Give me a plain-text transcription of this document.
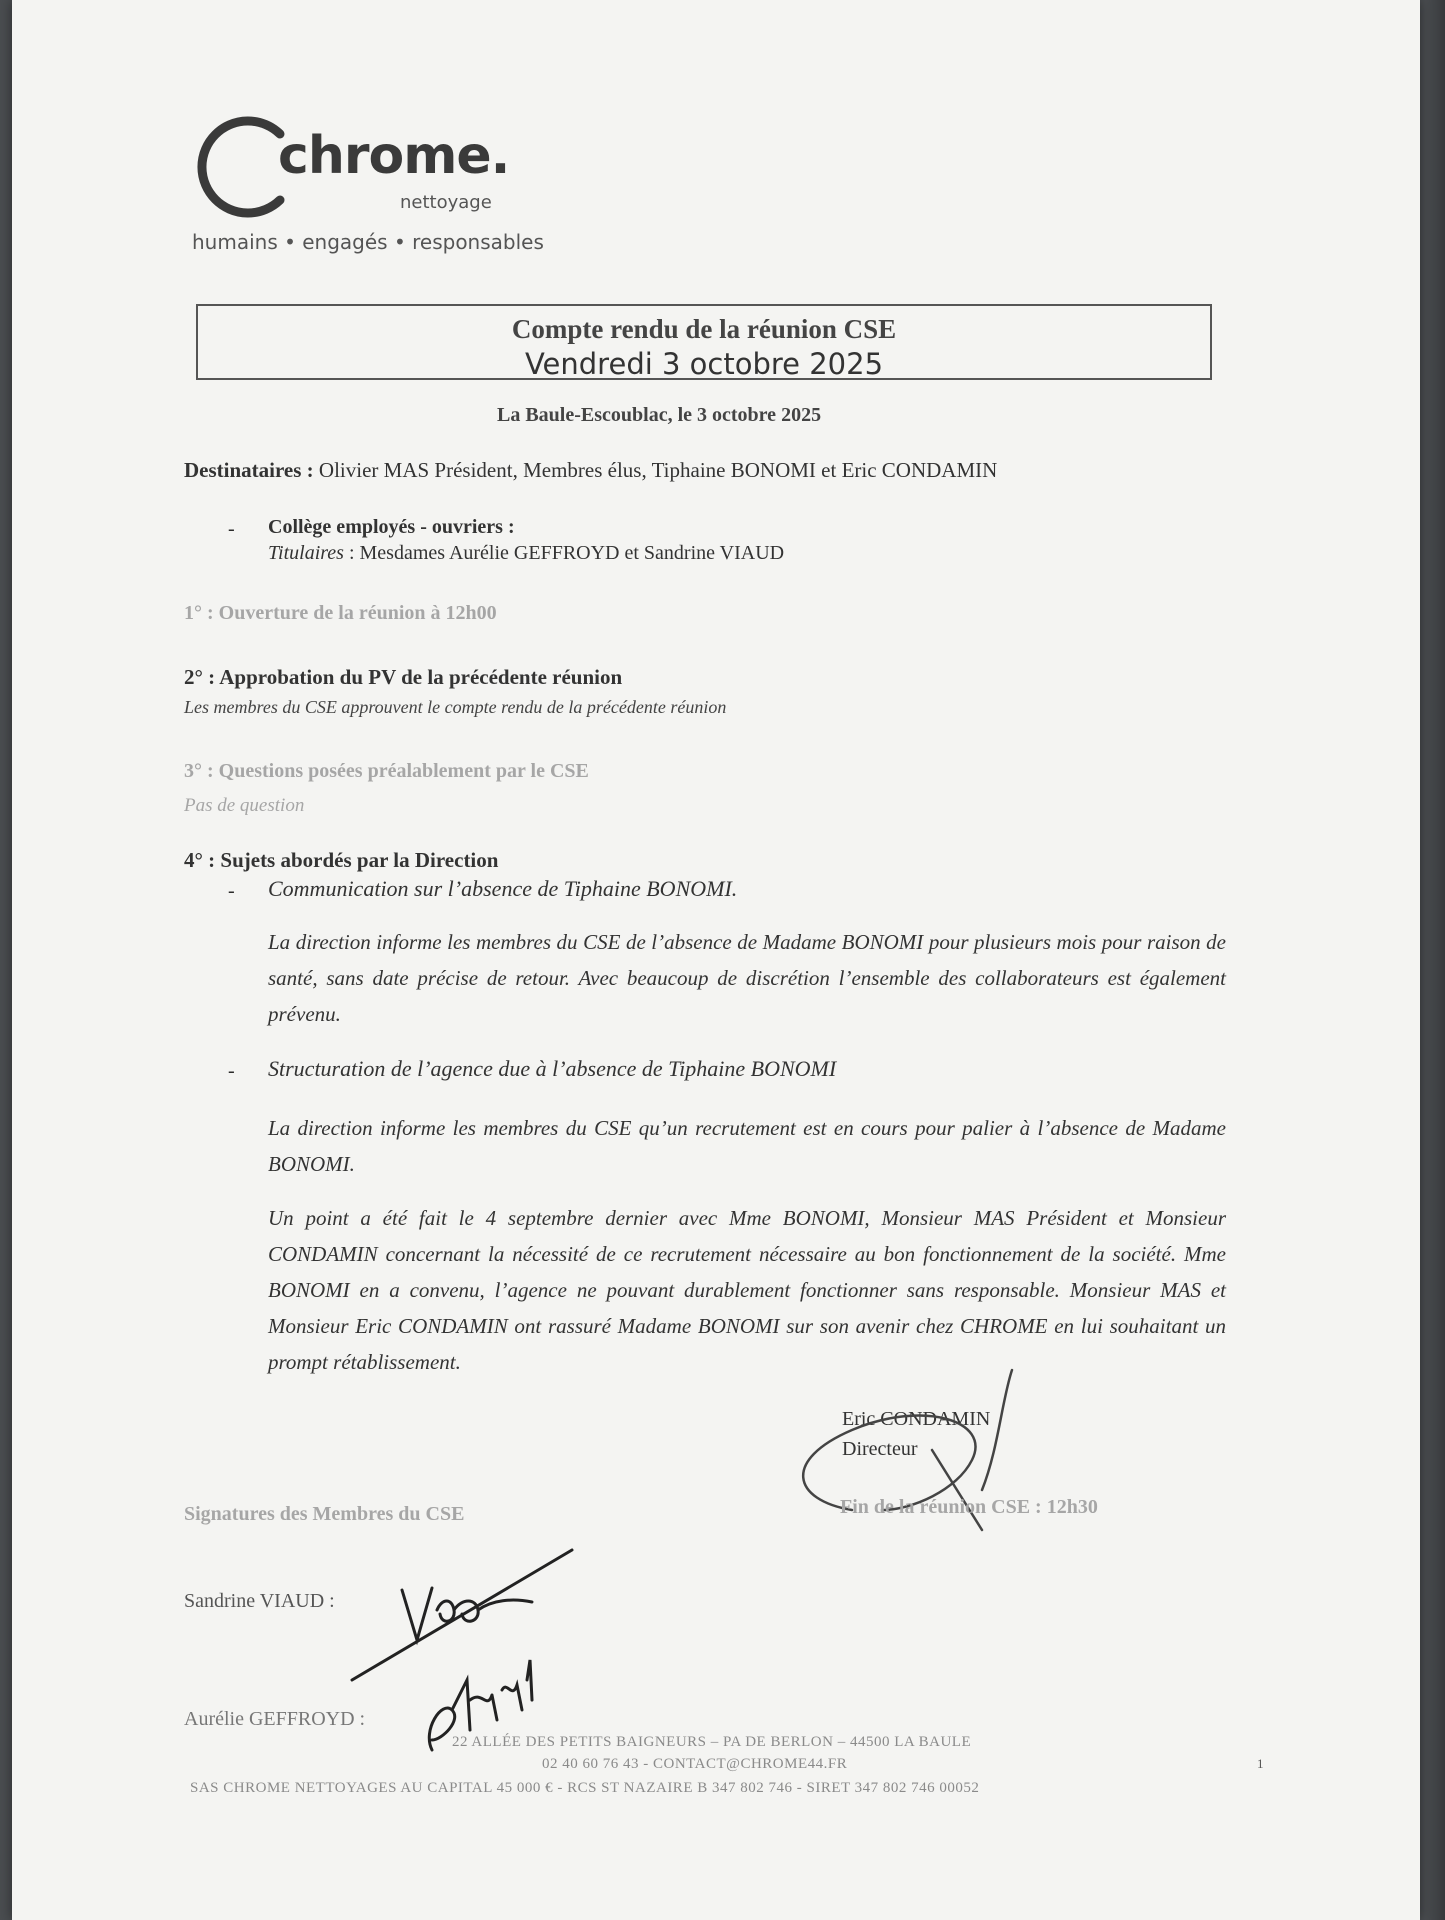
chrome.
nettoyage
humains • engagés • responsables
Compte rendu de la réunion CSE
Vendredi 3 octobre 2025
La Baule-Escoublac, le 3 octobre 2025
Destinataires : Olivier MAS Président, Membres élus, Tiphaine BONOMI et Eric CONDAMIN
- Collège employés - ouvriers :
Titulaires : Mesdames Aurélie GEFFROYD et Sandrine VIAUD
1° : Ouverture de la réunion à 12h00
2° : Approbation du PV de la précédente réunion
Les membres du CSE approuvent le compte rendu de la précédente réunion
3° : Questions posées préalablement par le CSE
Pas de question
4° : Sujets abordés par la Direction
- Communication sur l’absence de Tiphaine BONOMI.
La direction informe les membres du CSE de l’absence de Madame BONOMI pour plusieurs mois pour raison de santé, sans date précise de retour. Avec beaucoup de discrétion l’ensemble des collaborateurs est également prévenu.
- Structuration de l’agence due à l’absence de Tiphaine BONOMI
La direction informe les membres du CSE qu’un recrutement est en cours pour palier à l’absence de Madame BONOMI.
Un point a été fait le 4 septembre dernier avec Mme BONOMI, Monsieur MAS Président et Monsieur CONDAMIN concernant la nécessité de ce recrutement nécessaire au bon fonctionnement de la société. Mme BONOMI en a convenu, l’agence ne pouvant durablement fonctionner sans responsable. Monsieur MAS et Monsieur Eric CONDAMIN ont rassuré Madame BONOMI sur son avenir chez CHROME en lui souhaitant un prompt rétablissement.
Eric CONDAMIN
Directeur
Fin de la réunion CSE : 12h30
Signatures des Membres du CSE
Sandrine VIAUD :
Aurélie GEFFROYD :
22 ALLÉE DES PETITS BAIGNEURS – PA DE BERLON – 44500 LA BAULE
02 40 60 76 43 - CONTACT@CHROME44.FR
SAS CHROME NETTOYAGES AU CAPITAL 45 000 € - RCS ST NAZAIRE B 347 802 746 - SIRET 347 802 746 00052
1
